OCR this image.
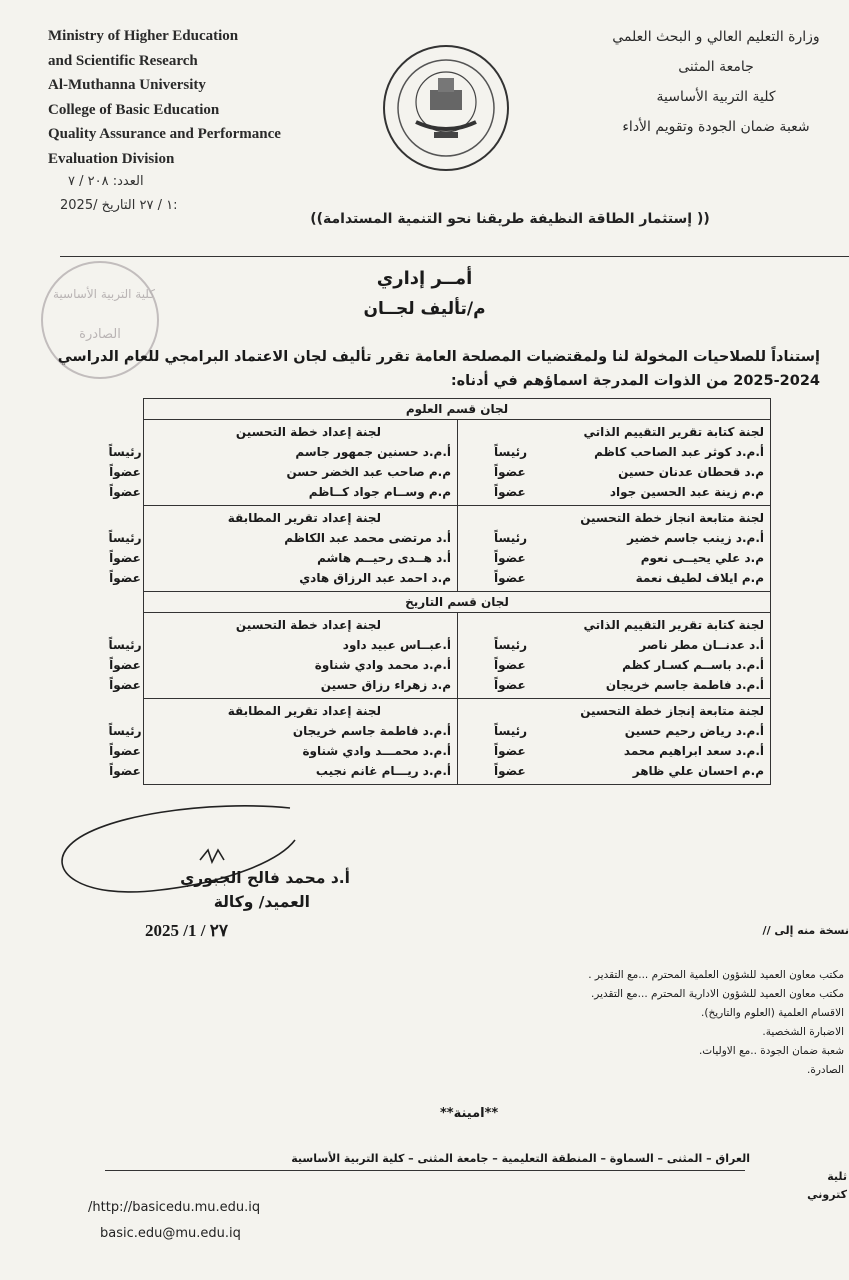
Ministry of Higher Education
and Scientific Research
Al-Muthanna University
College of Basic Education
Quality Assurance and Performance
Evaluation Division
وزارة التعليم العالي و البحث العلمي
جامعة المثنى
كلية التربية الأساسية
شعبة ضمان الجودة وتقويم الأداء
العدد: ٢٠٨ / ٧
2025/ ١ / ٢٧ التاريخ:
(( إستثمار الطاقة النظيفة طريقنا نحو التنمية المستدامة))
كلية التربية الأساسية
الصادرة
أمــر إداري
م/تأليف لجــان
إستناداً للصلاحيات المخولة لنا ولمقتضيات المصلحة العامة تقرر تأليف لجان الاعتماد البرامجي للعام الدراسي 2024-2025 من الذوات المدرجة اسماؤهم في أدناه:
لجان قسم العلوم
لجنة كتابة تقرير التقييم الذاتي
أ.م.د كوثر عبد الصاحب كاظم
رئيساً
م.د قحطان عدنان حسين
عضواً
م.م زينة عبد الحسين جواد
عضواً
لجنة إعداد خطة التحسين
أ.م.د حسنين جمهور جاسم
رئيساً
م.م صاحب عبد الخضر حسن
عضواً
م.م وســام جواد كــاظم
عضواً
لجنة متابعة انجاز خطة التحسين
أ.م.د زينب جاسم خضير
رئيساً
م.د علي يحيــى نعوم
عضواً
م.م ايلاف لطيف نعمة
عضواً
لجنة إعداد تقرير المطابقة
أ.د مرتضى محمد عبد الكاظم
رئيساً
أ.د هــدى رحيــم هاشم
عضواً
م.د احمد عبد الرزاق هادي
عضواً
لجان قسم التاريخ
لجنة كتابة تقرير التقييم الذاتي
أ.د عدنــان مطر ناصر
رئيساً
أ.م.د باســم كسـار كظم
عضواً
أ.م.د فاطمة جاسم خريجان
عضواً
لجنة إعداد خطة التحسين
أ.عبــاس عبيد داود
رئيساً
أ.م.د محمد وادي شناوة
عضواً
م.د زهراء رزاق حسين
عضواً
لجنة متابعة إنجاز خطة التحسين
أ.م.د رياض رحيم حسين
رئيساً
أ.م.د سعد ابراهيم محمد
عضواً
م.م احسان علي ظاهر
عضواً
لجنة إعداد تقرير المطابقة
أ.م.د فاطمة جاسم خريجان
رئيساً
أ.م.د محمـــد وادي شناوة
عضواً
أ.م.د ريـــام غانم نجيب
عضواً
أ.د محمد فالح الجبوري
العميد/ وكالة
2025 /1 / ٢٧	نسخة منه إلى //
مكتب معاون العميد للشؤون العلمية المحترم ...مع التقدير .
مكتب معاون العميد للشؤون الادارية المحترم ...مع التقدير.
الاقسام العلمية (العلوم والتاريخ).
الاضبارة الشخصية.
شعبة ضمان الجودة ..مع الاوليات.
الصادرة.
**امينة**
العراق – المثنى – السماوة – المنطقة التعليمية – جامعة المثنى – كلية التربية الأساسية
ثلية
كتروني
/http://basicedu.mu.edu.iq
basic.edu@mu.edu.iq
